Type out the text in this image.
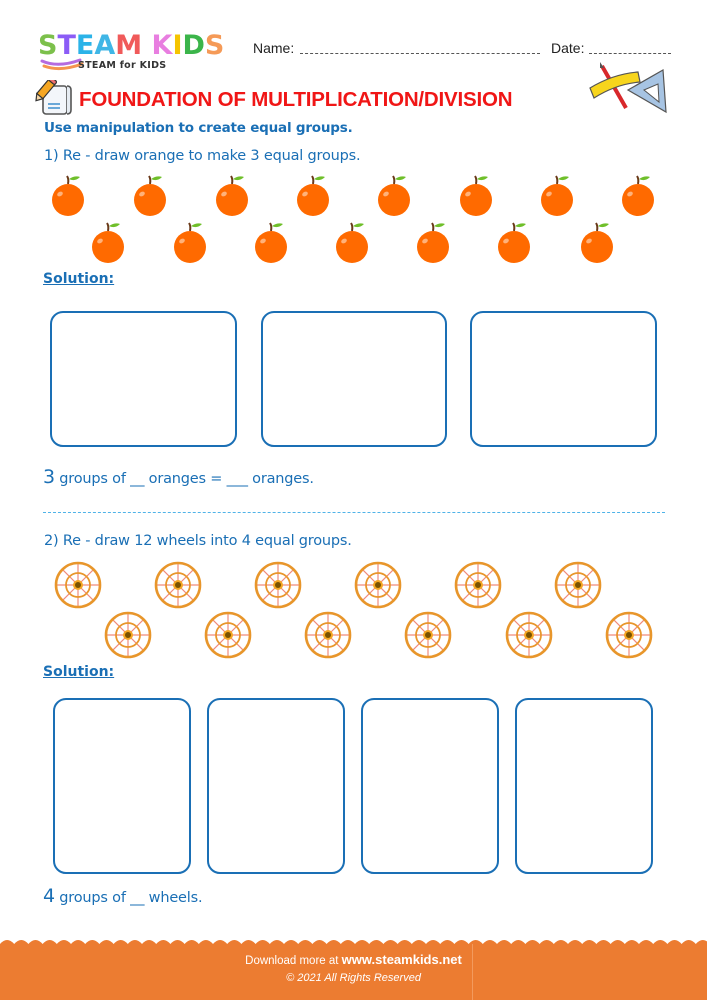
STEAM KIDS
STEAM for KIDS
Name:	Date:
FOUNDATION OF MULTIPLICATION/DIVISION
Use manipulation to create equal groups.
1) Re - draw orange to make 3 equal groups.
Solution:
3 groups of __ oranges = ___ oranges.
2) Re - draw 12 wheels into 4 equal groups.
Solution:
4 groups of __ wheels.
Download more at www.steamkids.net
© 2021 All Rights Reserved
